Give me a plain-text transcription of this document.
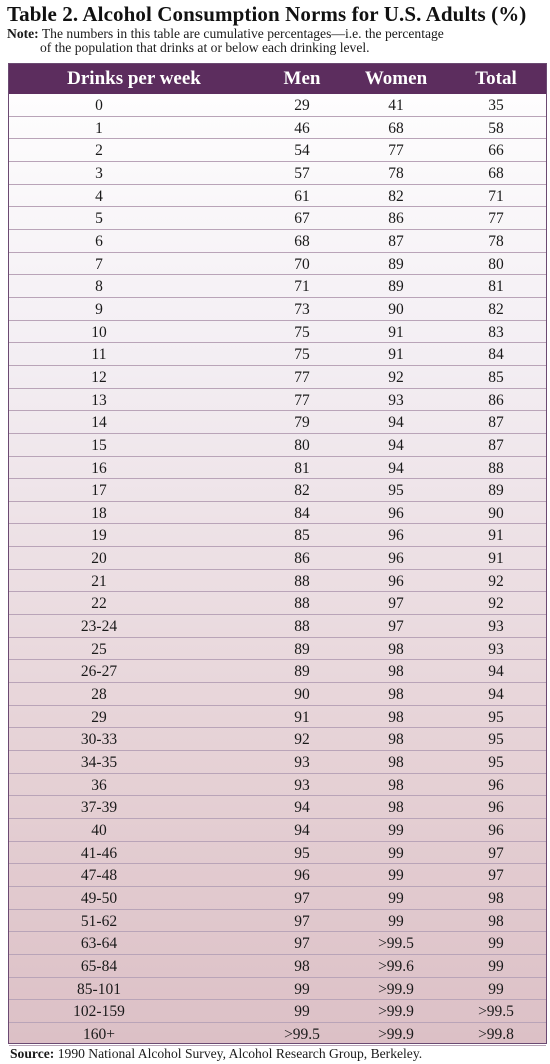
Table 2. Alcohol Consumption Norms for U.S. Adults (%)
Note: The numbers in this table are cumulative percentages—i.e. the percentage
of the population that drinks at or below each drinking level.
Drinks per week	Men	Women	Total
0	29	41	35
1	46	68	58
2	54	77	66
3	57	78	68
4	61	82	71
5	67	86	77
6	68	87	78
7	70	89	80
8	71	89	81
9	73	90	82
10	75	91	83
11	75	91	84
12	77	92	85
13	77	93	86
14	79	94	87
15	80	94	87
16	81	94	88
17	82	95	89
18	84	96	90
19	85	96	91
20	86	96	91
21	88	96	92
22	88	97	92
23-24	88	97	93
25	89	98	93
26-27	89	98	94
28	90	98	94
29	91	98	95
30-33	92	98	95
34-35	93	98	95
36	93	98	96
37-39	94	98	96
40	94	99	96
41-46	95	99	97
47-48	96	99	97
49-50	97	99	98
51-62	97	99	98
63-64	97	>99.5	99
65-84	98	>99.6	99
85-101	99	>99.9	99
102-159	99	>99.9	>99.5
160+	>99.5	>99.9	>99.8
Source: 1990 National Alcohol Survey, Alcohol Research Group, Berkeley.
